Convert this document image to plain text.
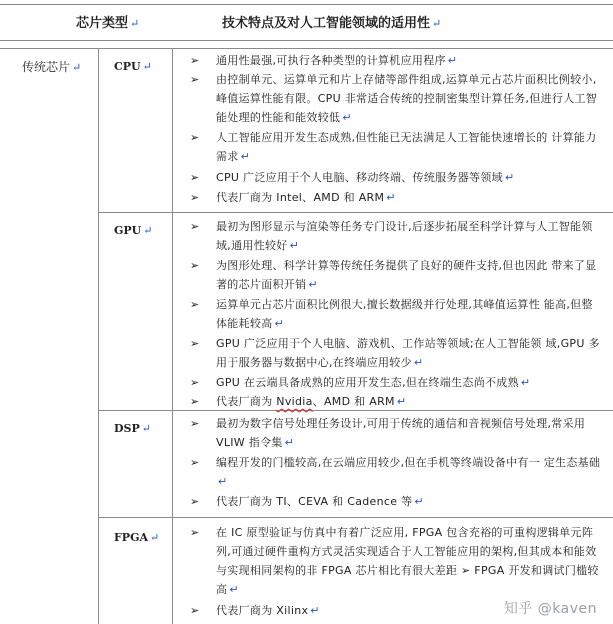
芯片类型 ↵	技术特点及对人工智能领域的适用性 ↵
传统芯片 ↵	CPU ↵	➢	通用性最强,可执行各种类型的计算机应用程序 ↵
➢	由控制单元、运算单元和片上存储等部件组成,运算单元占芯片面积比例较小,峰值运算性能有限。CPU 非常适合传统的控制密集型计算任务,但进行人工智能处理的性能和能效较低 ↵
➢	人工智能应用开发生态成熟,但性能已无法满足人工智能快速增长的 计算能力需求 ↵
➢	CPU 广泛应用于个人电脑、移动终端、传统服务器等领域 ↵
➢	代表厂商为 Intel、AMD 和 ARM ↵
GPU ↵	➢	最初为图形显示与渲染等任务专门设计,后逐步拓展至科学计算与人工智能领域,通用性较好 ↵
➢	为图形处理、科学计算等传统任务提供了良好的硬件支持,但也因此 带来了显著的芯片面积开销 ↵
➢	运算单元占芯片面积比例很大,擅长数据级并行处理,其峰值运算性 能高,但整体能耗较高 ↵
➢	GPU 广泛应用于个人电脑、游戏机、工作站等领域;在人工智能领 域,GPU 多用于服务器与数据中心,在终端应用较少 ↵
➢	GPU 在云端具备成熟的应用开发生态,但在终端生态尚不成熟 ↵
➢	代表厂商为 Nvidia、AMD 和 ARM ↵
DSP ↵	➢	最初为数字信号处理任务设计,可用于传统的通信和音视频信号处理,常采用 VLIW 指令集 ↵
➢	编程开发的门槛较高,在云端应用较少,但在手机等终端设备中有一 定生态基础↵
➢	代表厂商为 TI、CEVA 和 Cadence 等 ↵
FPGA ↵	➢	在 IC 原型验证与仿真中有着广泛应用, FPGA 包含充裕的可重构逻辑单元阵列,可通过硬件重构方式灵活实现适合于人工智能应用的架构,但其成本和能效与实现相同架构的非 FPGA 芯片相比有很大差距 ➢ FPGA 开发和调试门槛较高 ↵
➢	代表厂商为 Xilinx ↵	知乎 @kaven
